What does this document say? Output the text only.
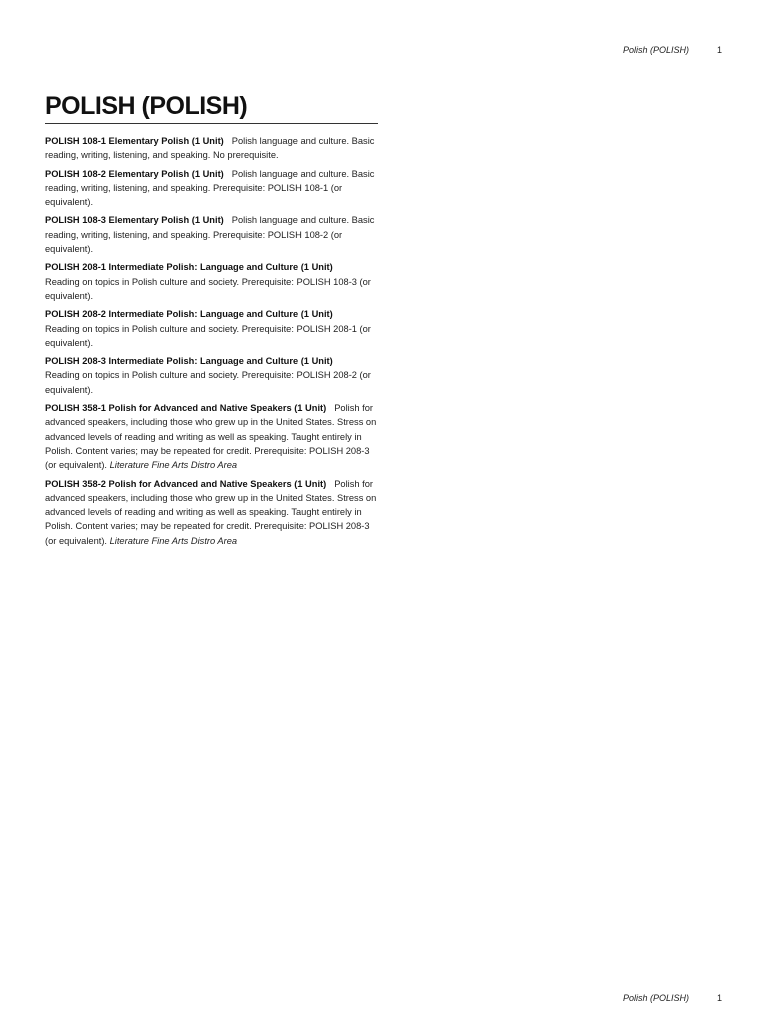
Polish (POLISH)	1
POLISH (POLISH)
POLISH 108-1 Elementary Polish (1 Unit) Polish language and culture. Basic reading, writing, listening, and speaking. No prerequisite.
POLISH 108-2 Elementary Polish (1 Unit) Polish language and culture. Basic reading, writing, listening, and speaking. Prerequisite: POLISH 108-1 (or equivalent).
POLISH 108-3 Elementary Polish (1 Unit) Polish language and culture. Basic reading, writing, listening, and speaking. Prerequisite: POLISH 108-2 (or equivalent).
POLISH 208-1 Intermediate Polish: Language and Culture (1 Unit)
Reading on topics in Polish culture and society. Prerequisite: POLISH 108-3 (or equivalent).
POLISH 208-2 Intermediate Polish: Language and Culture (1 Unit)
Reading on topics in Polish culture and society. Prerequisite: POLISH 208-1 (or equivalent).
POLISH 208-3 Intermediate Polish: Language and Culture (1 Unit)
Reading on topics in Polish culture and society. Prerequisite: POLISH 208-2 (or equivalent).
POLISH 358-1 Polish for Advanced and Native Speakers (1 Unit) Polish for advanced speakers, including those who grew up in the United States. Stress on advanced levels of reading and writing as well as speaking. Taught entirely in Polish. Content varies; may be repeated for credit. Prerequisite: POLISH 208-3 (or equivalent). Literature Fine Arts Distro Area
POLISH 358-2 Polish for Advanced and Native Speakers (1 Unit) Polish for advanced speakers, including those who grew up in the United States. Stress on advanced levels of reading and writing as well as speaking. Taught entirely in Polish. Content varies; may be repeated for credit. Prerequisite: POLISH 208-3 (or equivalent). Literature Fine Arts Distro Area
Polish (POLISH)	1
